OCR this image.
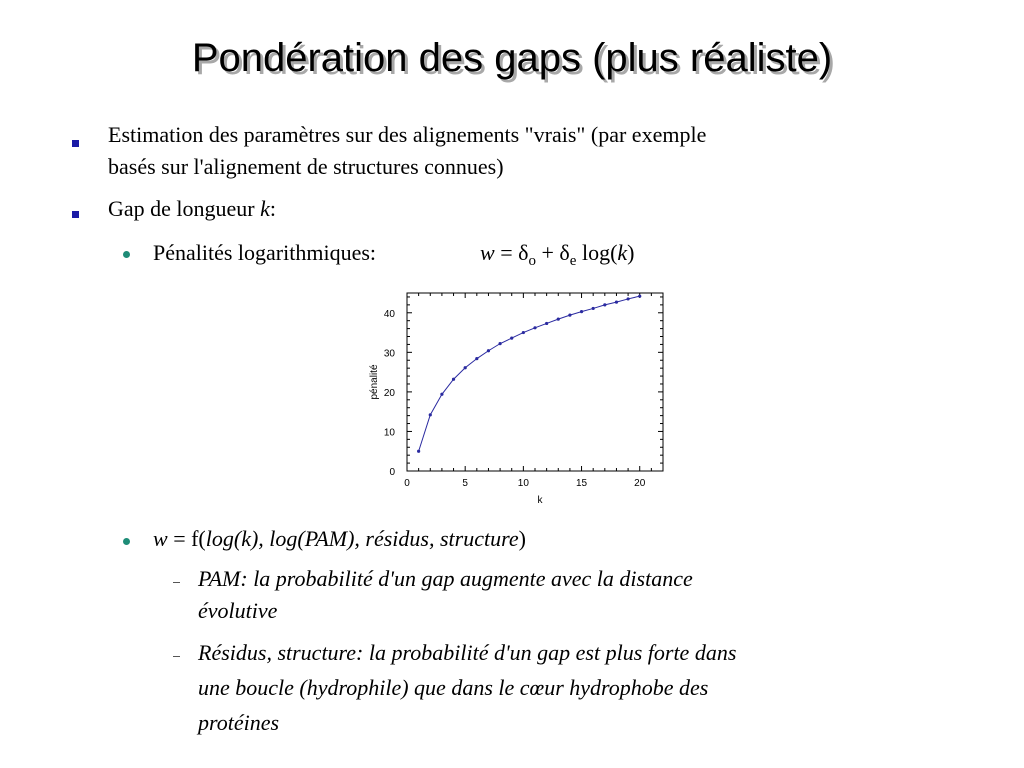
Pondération des gaps (plus réaliste)
Estimation des paramètres sur des alignements "vrais" (par exemple
basés sur l'alignement de structures connues)
Gap de longueur k:
Pénalités logarithmiques:	$w = \delta_o + \delta_e$ log(k)
0	5	10	15	20
0
10
20
30
40
k
pénalité
w = f(log(k), log(PAM), résidus, structure)
PAM: la probabilité d'un gap augmente avec la distance
évolutive
Résidus, structure: la probabilité d'un gap est plus forte dans
une boucle (hydrophile) que dans le cœur hydrophobe des
protéines
